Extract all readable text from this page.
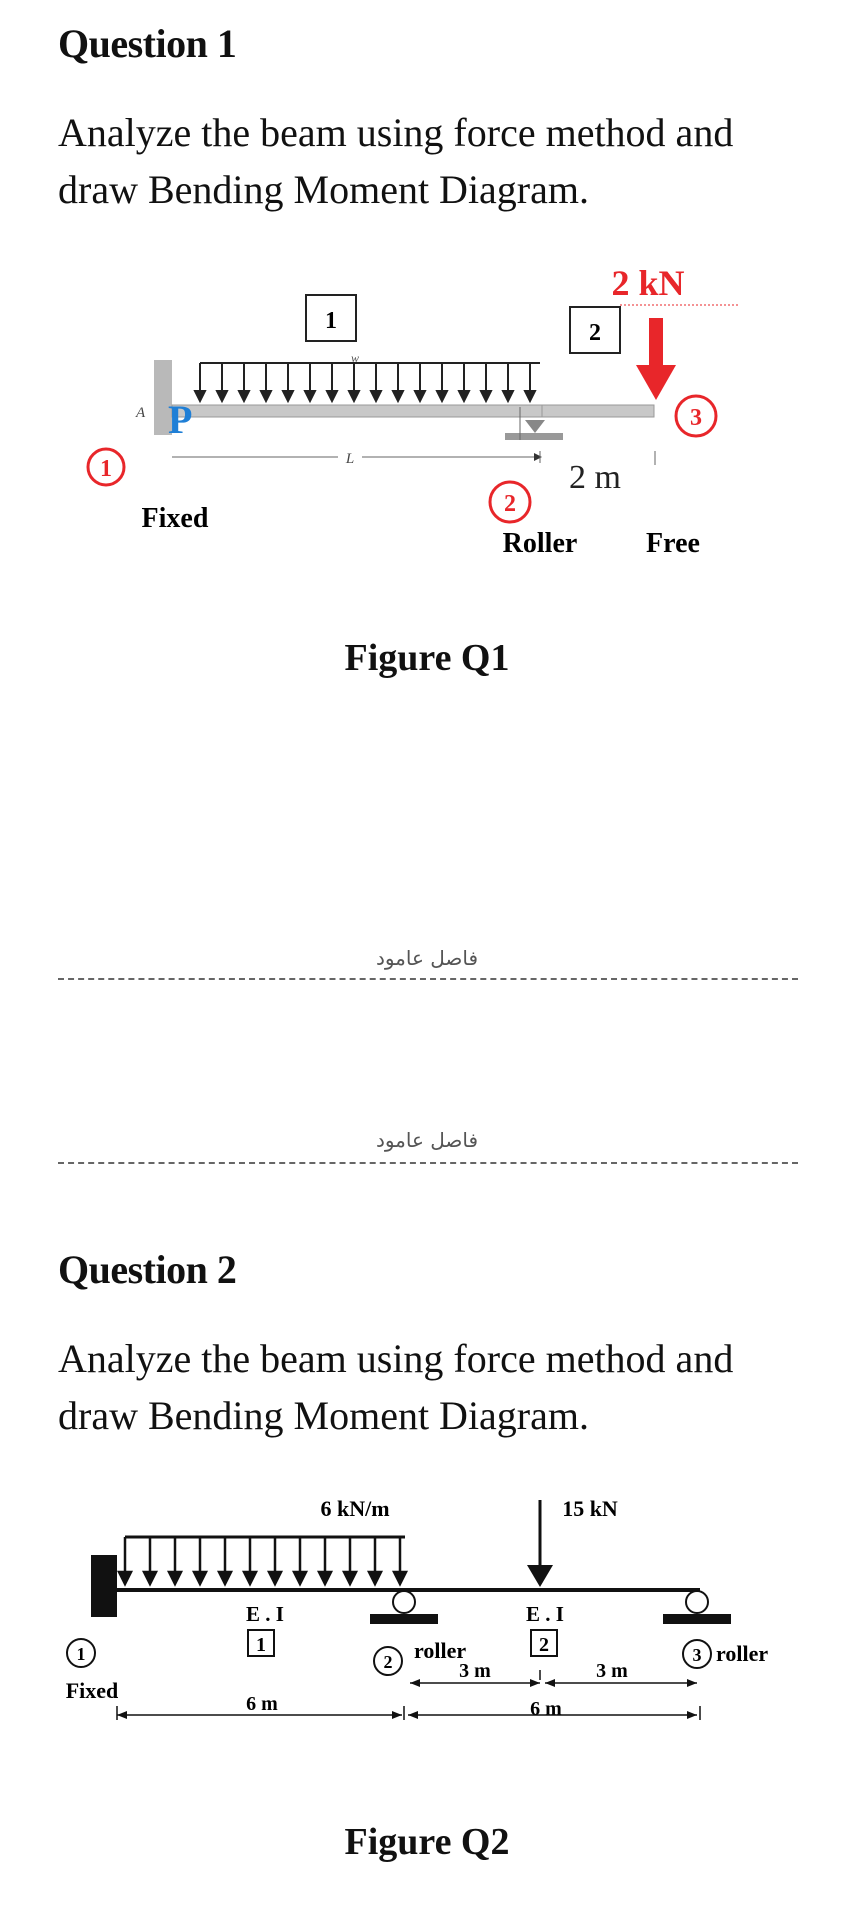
Question 1
Analyze the beam using force method and draw Bending Moment Diagram.
1
w
2
A P
2 kN
L
1
2
3
2 m
Fixed
Roller Free
Figure Q1
فاصل عامود
فاصل عامود
Question 2
Analyze the beam using force method and draw Bending Moment Diagram.
6 kN/m	15 kN
E . I
1
E . I
2
1	2 roller	3 roller
Fixed
3 m	3 m
6 m	6 m
Figure Q2
